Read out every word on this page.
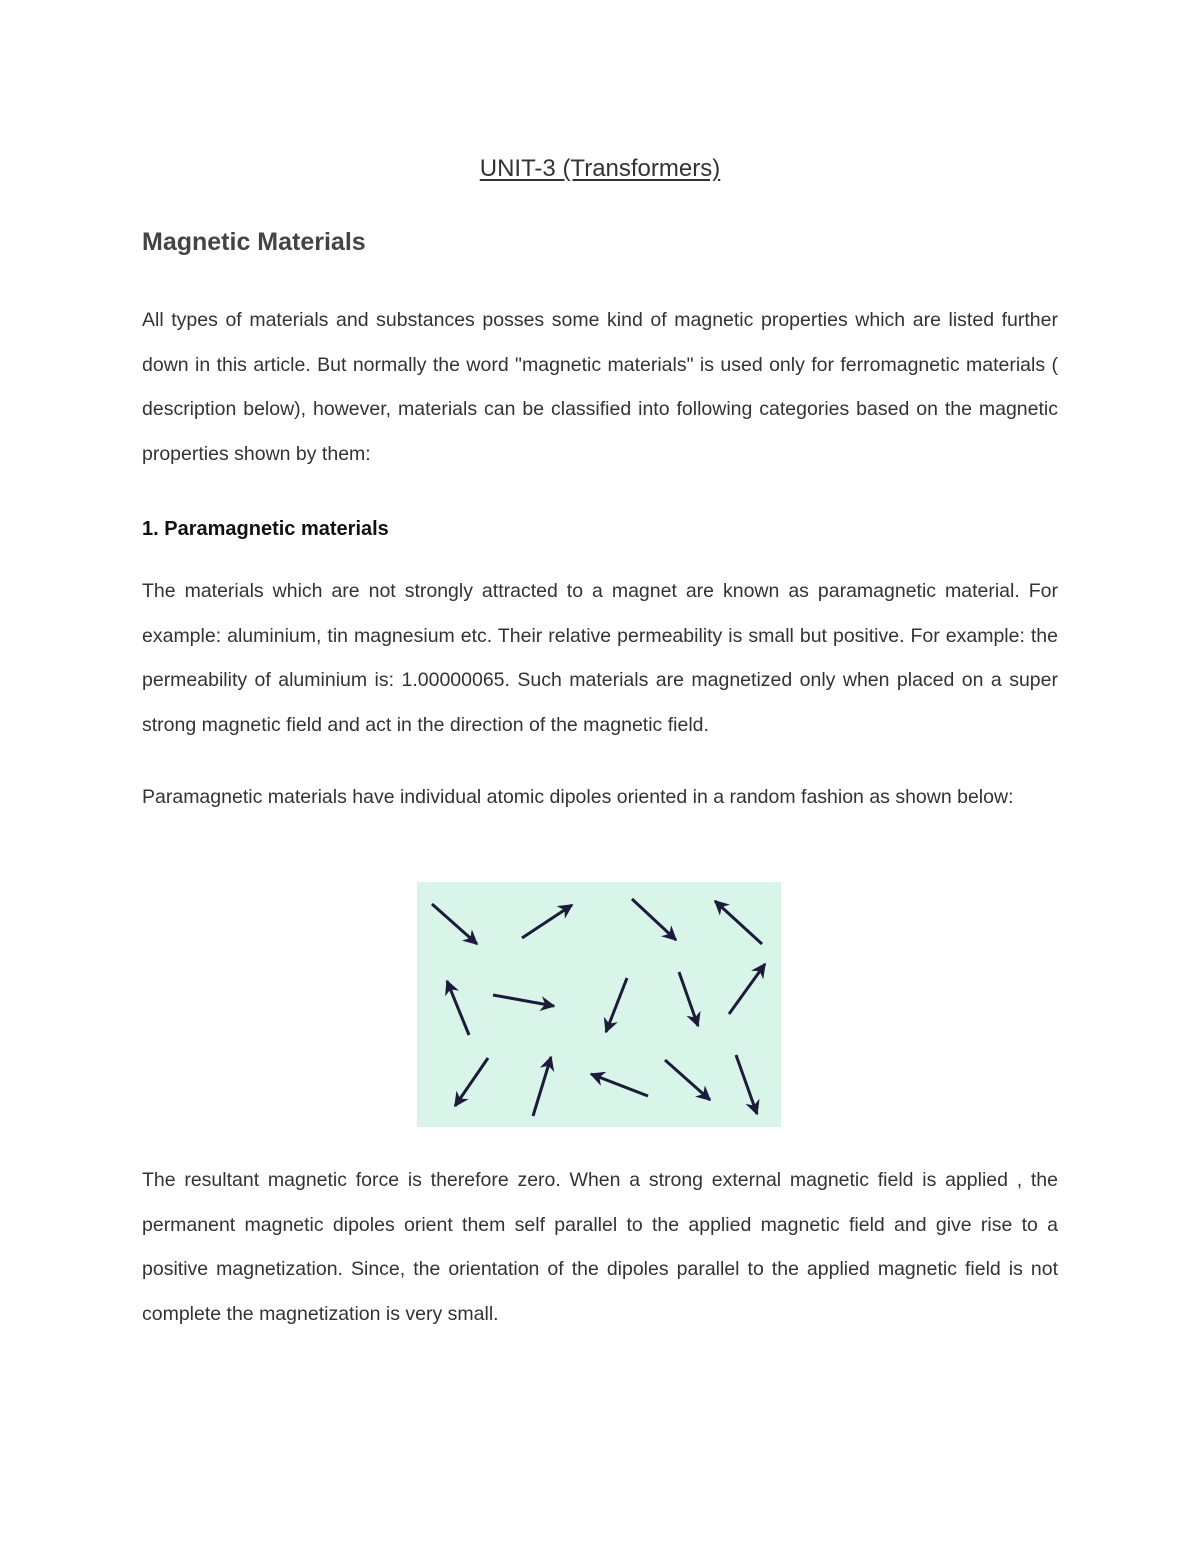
UNIT-3 (Transformers)
Magnetic Materials

All types of materials and substances posses some kind of magnetic properties which are listed further down in this article. But normally the word "magnetic materials" is used only for ferromagnetic materials ( description below), however, materials can be classified into following categories based on the magnetic properties shown by them:

1. Paramagnetic materials

The materials which are not strongly attracted to a magnet are known as paramagnetic material. For example: aluminium, tin magnesium etc. Their relative permeability is small but positive. For example: the permeability of aluminium is: 1.00000065. Such materials are magnetized only when placed on a super strong magnetic field and act in the direction of the magnetic field.

Paramagnetic materials have individual atomic dipoles oriented in a random fashion as shown below:

The resultant magnetic force is therefore zero. When a strong external magnetic field is applied , the permanent magnetic dipoles orient them self parallel to the applied magnetic field and give rise to a positive magnetization. Since, the orientation of the dipoles parallel to the applied magnetic field is not complete the magnetization is very small.
